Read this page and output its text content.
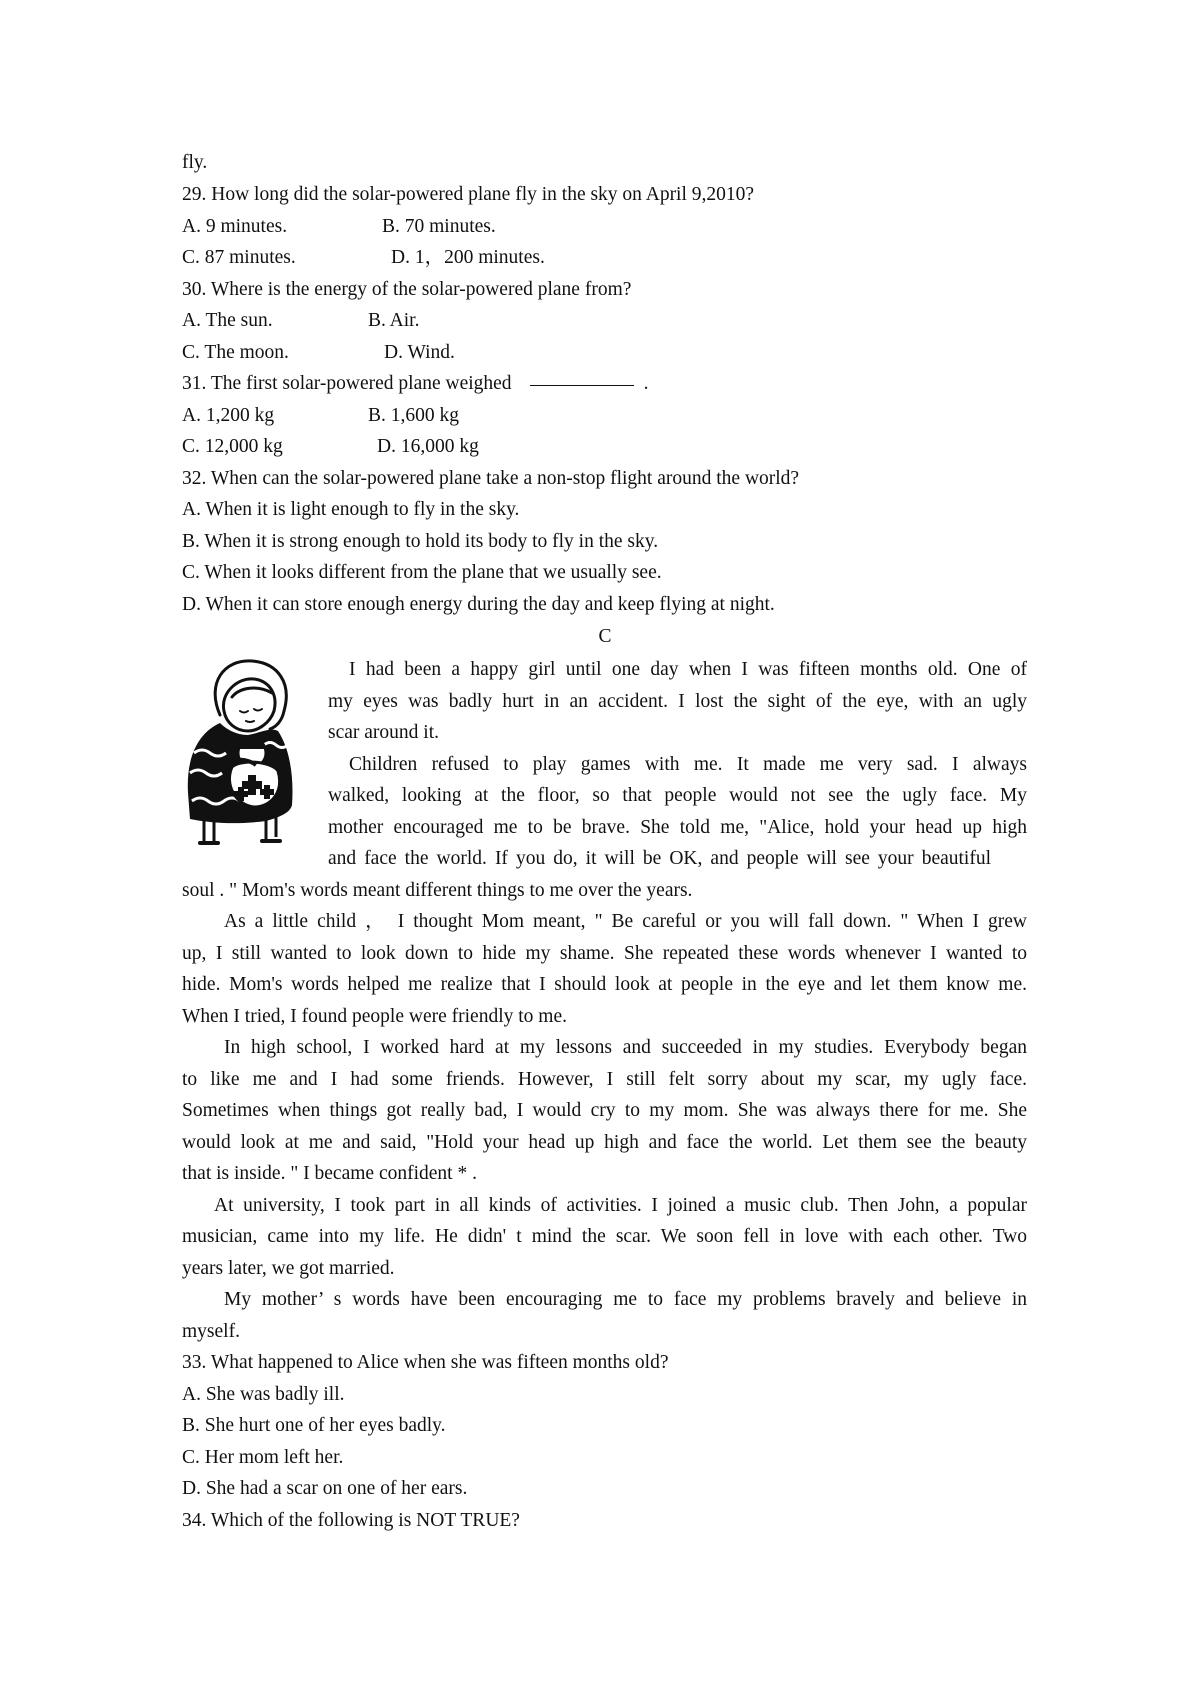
fly.
29. How long did the solar-powered plane fly in the sky on April 9,2010?
A. 9 minutes.	B. 70 minutes.
C. 87 minutes.	D. 1，200 minutes.
30. Where is the energy of the solar-powered plane from?
A. The sun.	B. Air.
C. The moon.	D. Wind.
31. The first solar-powered plane weighed	.
A. 1,200 kg	B. 1,600 kg
C. 12,000 kg	D. 16,000 kg
32. When can the solar-powered plane take a non-stop flight around the world?
A. When it is light enough to fly in the sky.
B. When it is strong enough to hold its body to fly in the sky.
C. When it looks different from the plane that we usually see.
D. When it can store enough energy during the day and keep flying at night.
C
I had been a happy girl until one day when I was fifteen months old. One of
my eyes was badly hurt in an accident. I lost the sight of the eye, with an ugly
scar around it.
Children refused to play games with me. It made me very sad. I always
walked, looking at the floor, so that people would not see the ugly face. My
mother encouraged me to be brave. She told me, "Alice, hold your head up high
and face the world. If you do, it will be OK, and people will see your beautiful
soul . " Mom's words meant different things to me over the years.
As a little child ， I thought Mom meant, " Be careful or you will fall down. " When I grew
up, I still wanted to look down to hide my shame. She repeated these words whenever I wanted to
hide. Mom's words helped me realize that I should look at people in the eye and let them know me.
When I tried, I found people were friendly to me.
In high school, I worked hard at my lessons and succeeded in my studies. Everybody began
to like me and I had some friends. However, I still felt sorry about my scar, my ugly face.
Sometimes when things got really bad, I would cry to my mom. She was always there for me. She
would look at me and said, "Hold your head up high and face the world. Let them see the beauty
that is inside. " I became confident * .
At university, I took part in all kinds of activities. I joined a music club. Then John, a popular
musician, came into my life. He didn' t mind the scar. We soon fell in love with each other. Two
years later, we got married.
My mother’ s words have been encouraging me to face my problems bravely and believe in
myself.
33. What happened to Alice when she was fifteen months old?
A. She was badly ill.
B. She hurt one of her eyes badly.
C. Her mom left her.
D. She had a scar on one of her ears.
34. Which of the following is NOT TRUE?
